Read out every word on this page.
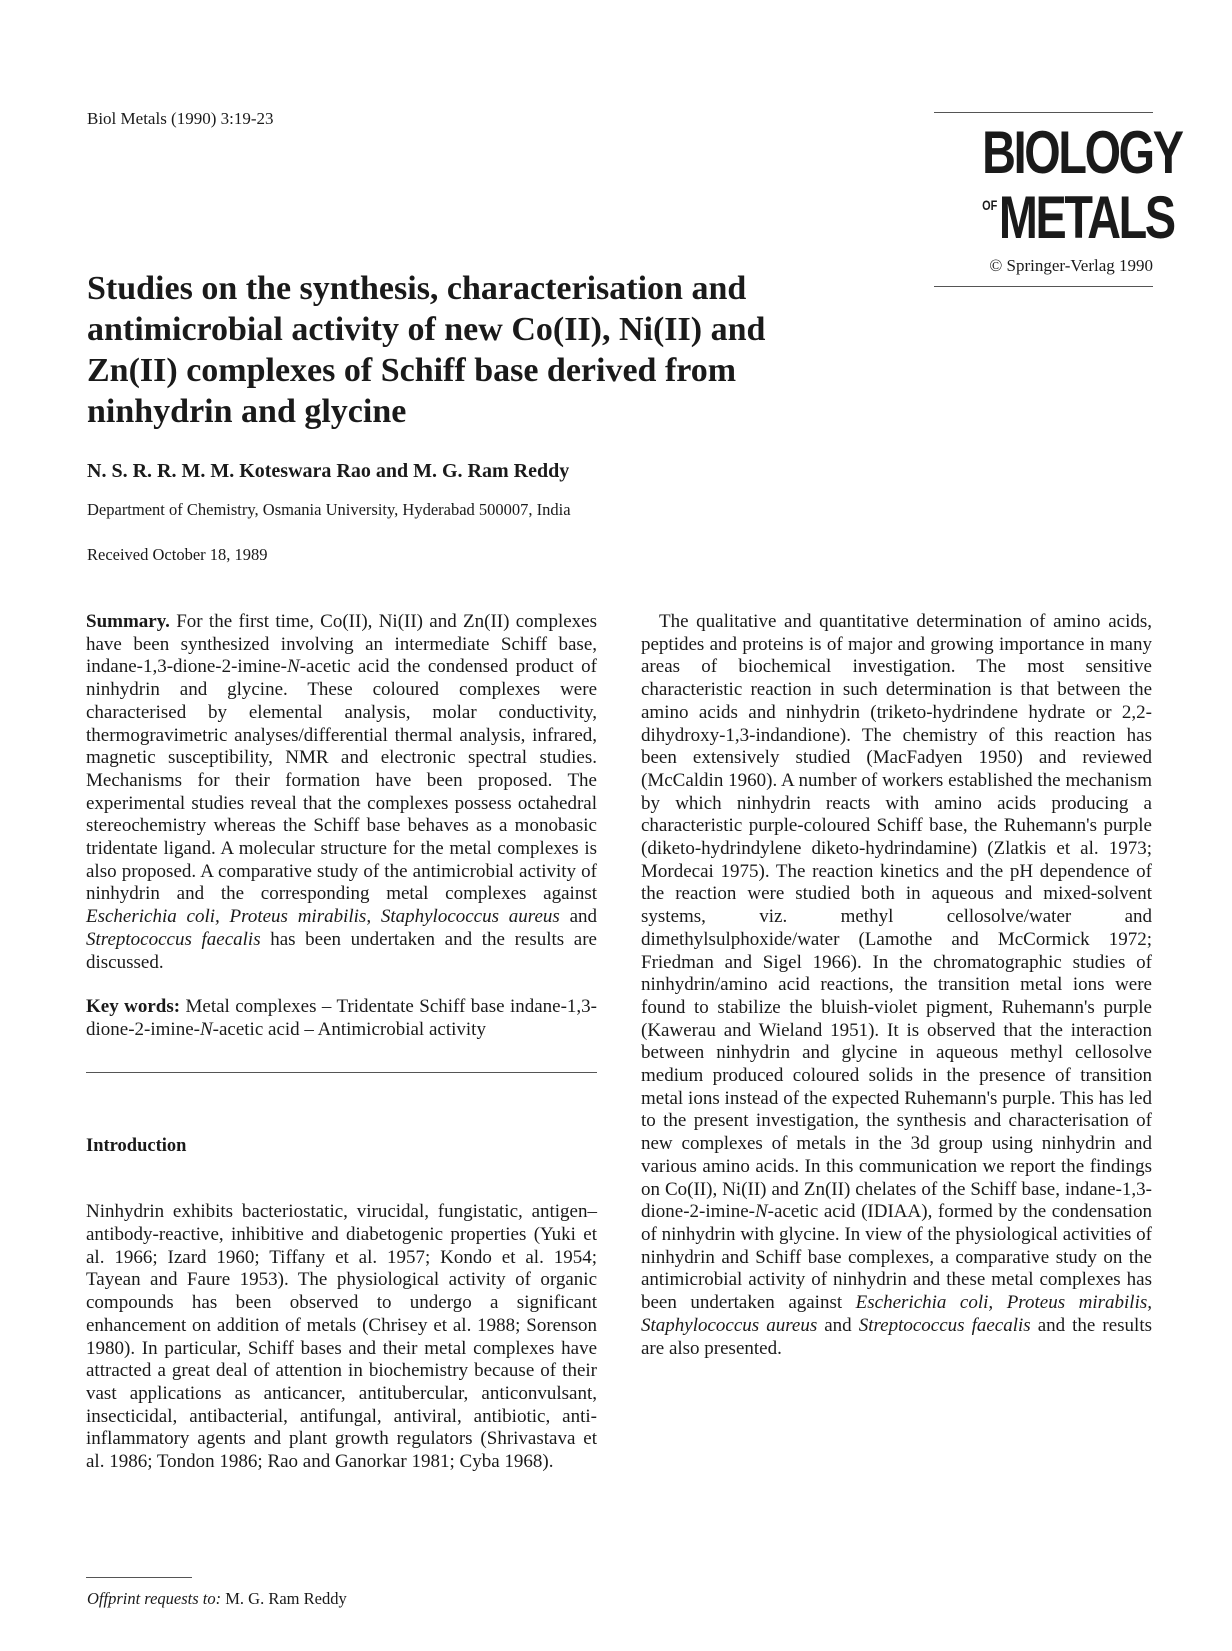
Biol Metals (1990) 3:19-23
BIOLOGY
$^{OF}$METALS
© Springer-Verlag 1990
Studies on the synthesis, characterisation and antimicrobial activity of new Co(II), Ni(II) and Zn(II) complexes of Schiff base derived from ninhydrin and glycine
N. S. R. R. M. M. Koteswara Rao and M. G. Ram Reddy
Department of Chemistry, Osmania University, Hyderabad 500007, India
Received October 18, 1989

Summary. For the first time, Co(II), Ni(II) and Zn(II) complexes have been synthesized involving an intermediate Schiff base, indane-1,3-dione-2-imine-N-acetic acid the condensed product of ninhydrin and glycine. These coloured complexes were characterised by elemental analysis, molar conductivity, thermogravimetric analyses/differential thermal analysis, infrared, magnetic susceptibility, NMR and electronic spectral studies. Mechanisms for their formation have been proposed. The experimental studies reveal that the complexes possess octahedral stereochemistry whereas the Schiff base behaves as a monobasic tridentate ligand. A molecular structure for the metal complexes is also proposed. A comparative study of the antimicrobial activity of ninhydrin and the corresponding metal complexes against Escherichia coli, Proteus mirabilis, Staphylococcus aureus and Streptococcus faecalis has been undertaken and the results are discussed.

Key words: Metal complexes – Tridentate Schiff base indane-1,3-dione-2-imine-N-acetic acid – Antimicrobial activity

Introduction

Ninhydrin exhibits bacteriostatic, virucidal, fungistatic, antigen–antibody-reactive, inhibitive and diabetogenic properties (Yuki et al. 1966; Izard 1960; Tiffany et al. 1957; Kondo et al. 1954; Tayean and Faure 1953). The physiological activity of organic compounds has been observed to undergo a significant enhancement on addition of metals (Chrisey et al. 1988; Sorenson 1980). In particular, Schiff bases and their metal complexes have attracted a great deal of attention in biochemistry because of their vast applications as anticancer, antitubercular, anticonvulsant, insecticidal, antibacterial, antifungal, antiviral, antibiotic, anti-inflammatory agents and plant growth regulators (Shrivastava et al. 1986; Tondon 1986; Rao and Ganorkar 1981; Cyba 1968).

The qualitative and quantitative determination of amino acids, peptides and proteins is of major and growing importance in many areas of biochemical investigation. The most sensitive characteristic reaction in such determination is that between the amino acids and ninhydrin (triketo-hydrindene hydrate or 2,2-dihydroxy-1,3-indandione). The chemistry of this reaction has been extensively studied (MacFadyen 1950) and reviewed (McCaldin 1960). A number of workers established the mechanism by which ninhydrin reacts with amino acids producing a characteristic purple-coloured Schiff base, the Ruhemann's purple (diketo-hydrindylene diketo-hydrindamine) (Zlatkis et al. 1973; Mordecai 1975). The reaction kinetics and the pH dependence of the reaction were studied both in aqueous and mixed-solvent systems, viz. methyl cellosolve/water and dimethylsulphoxide/water (Lamothe and McCormick 1972; Friedman and Sigel 1966). In the chromatographic studies of ninhydrin/amino acid reactions, the transition metal ions were found to stabilize the bluish-violet pigment, Ruhemann's purple (Kawerau and Wieland 1951). It is observed that the interaction between ninhydrin and glycine in aqueous methyl cellosolve medium produced coloured solids in the presence of transition metal ions instead of the expected Ruhemann's purple. This has led to the present investigation, the synthesis and characterisation of new complexes of metals in the 3d group using ninhydrin and various amino acids. In this communication we report the findings on Co(II), Ni(II) and Zn(II) chelates of the Schiff base, indane-1,3-dione-2-imine-N-acetic acid (IDIAA), formed by the condensation of ninhydrin with glycine. In view of the physiological activities of ninhydrin and Schiff base complexes, a comparative study on the antimicrobial activity of ninhydrin and these metal complexes has been undertaken against Escherichia coli, Proteus mirabilis, Staphylococcus aureus and Streptococcus faecalis and the results are also presented.

Offprint requests to: M. G. Ram Reddy
